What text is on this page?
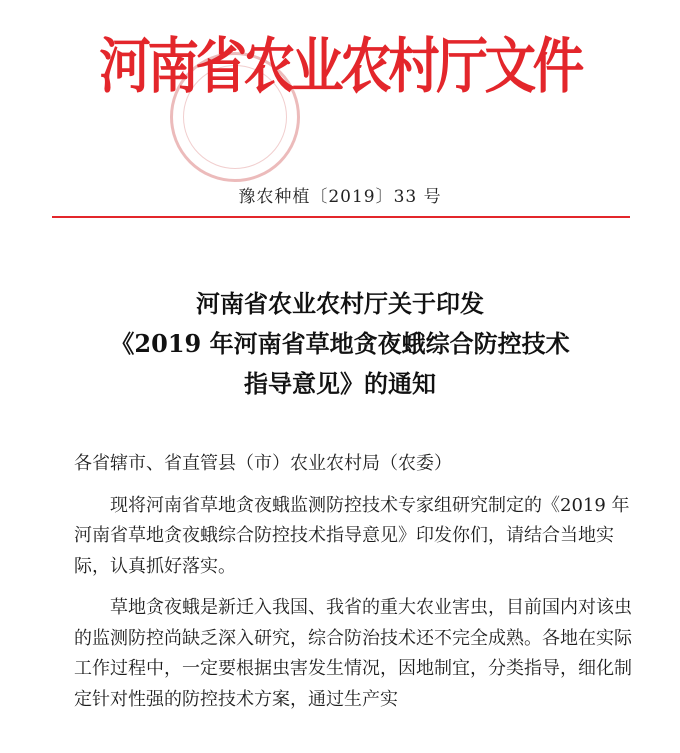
河南省农业农村厅文件
豫农种植〔2019〕33 号
河南省农业农村厅关于印发
《2019 年河南省草地贪夜蛾综合防控技术
指导意见》的通知

各省辖市、省直管县（市）农业农村局（农委）

现将河南省草地贪夜蛾监测防控技术专家组研究制定的《2019 年河南省草地贪夜蛾综合防控技术指导意见》印发你们，请结合当地实际，认真抓好落实。

草地贪夜蛾是新迁入我国、我省的重大农业害虫，目前国内对该虫的监测防控尚缺乏深入研究，综合防治技术还不完全成熟。各地在实际工作过程中，一定要根据虫害发生情况，因地制宜，分类指导，细化制定针对性强的防控技术方案，通过生产实
